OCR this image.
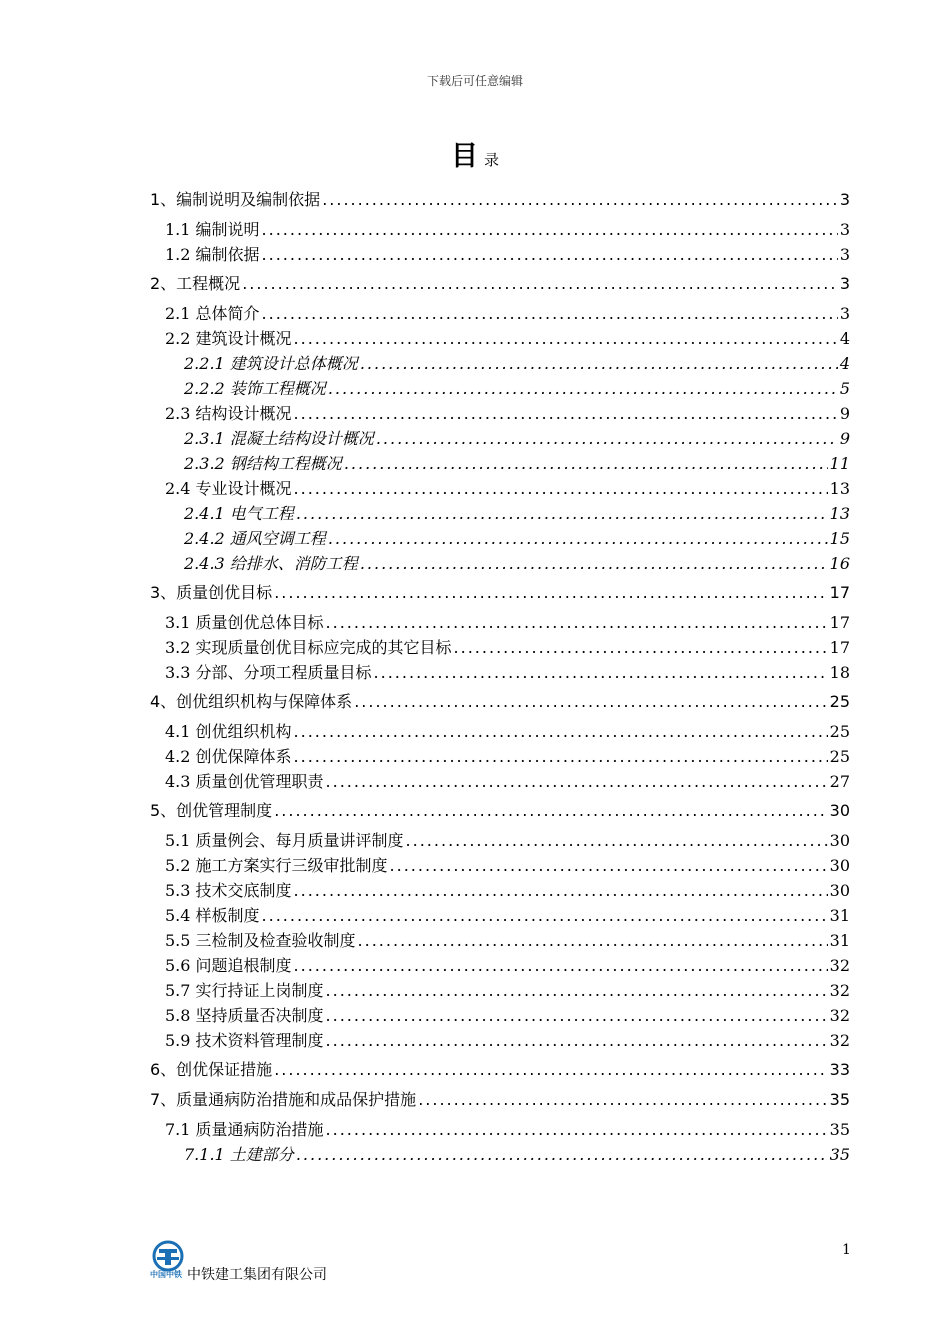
下载后可任意编辑
目录
1、编制说明及编制依据 .....	3
1.1 编制说明 .....	3
1.2 编制依据 .....	3
2、工程概况 .....	3
2.1 总体简介 .....	3
2.2 建筑设计概况 .....	4
2.2.1 建筑设计总体概况 .....	4
2.2.2 装饰工程概况 .....	5
2.3 结构设计概况 .....	9
2.3.1 混凝土结构设计概况 .....	9
2.3.2 钢结构工程概况 .....	11
2.4 专业设计概况 .....	13
2.4.1 电气工程 .....	13
2.4.2 通风空调工程 .....	15
2.4.3 给排水、消防工程 .....	16
3、质量创优目标 .....	17
3.1 质量创优总体目标 .....	17
3.2 实现质量创优目标应完成的其它目标 .....	17
3.3 分部、分项工程质量目标 .....	18
4、创优组织机构与保障体系 .....	25
4.1 创优组织机构 .....	25
4.2 创优保障体系 .....	25
4.3 质量创优管理职责 .....	27
5、创优管理制度 .....	30
5.1 质量例会、每月质量讲评制度 .....	30
5.2 施工方案实行三级审批制度 .....	30
5.3 技术交底制度 .....	30
5.4 样板制度 .....	31
5.5 三检制及检查验收制度 .....	31
5.6 问题追根制度 .....	32
5.7 实行持证上岗制度 .....	32
5.8 坚持质量否决制度 .....	32
5.9 技术资料管理制度 .....	32
6、创优保证措施 .....	33
7、质量通病防治措施和成品保护措施 .....	35
7.1 质量通病防治措施 .....	35
7.1.1 土建部分 .....	35
1
中国中铁 中铁建工集团有限公司
